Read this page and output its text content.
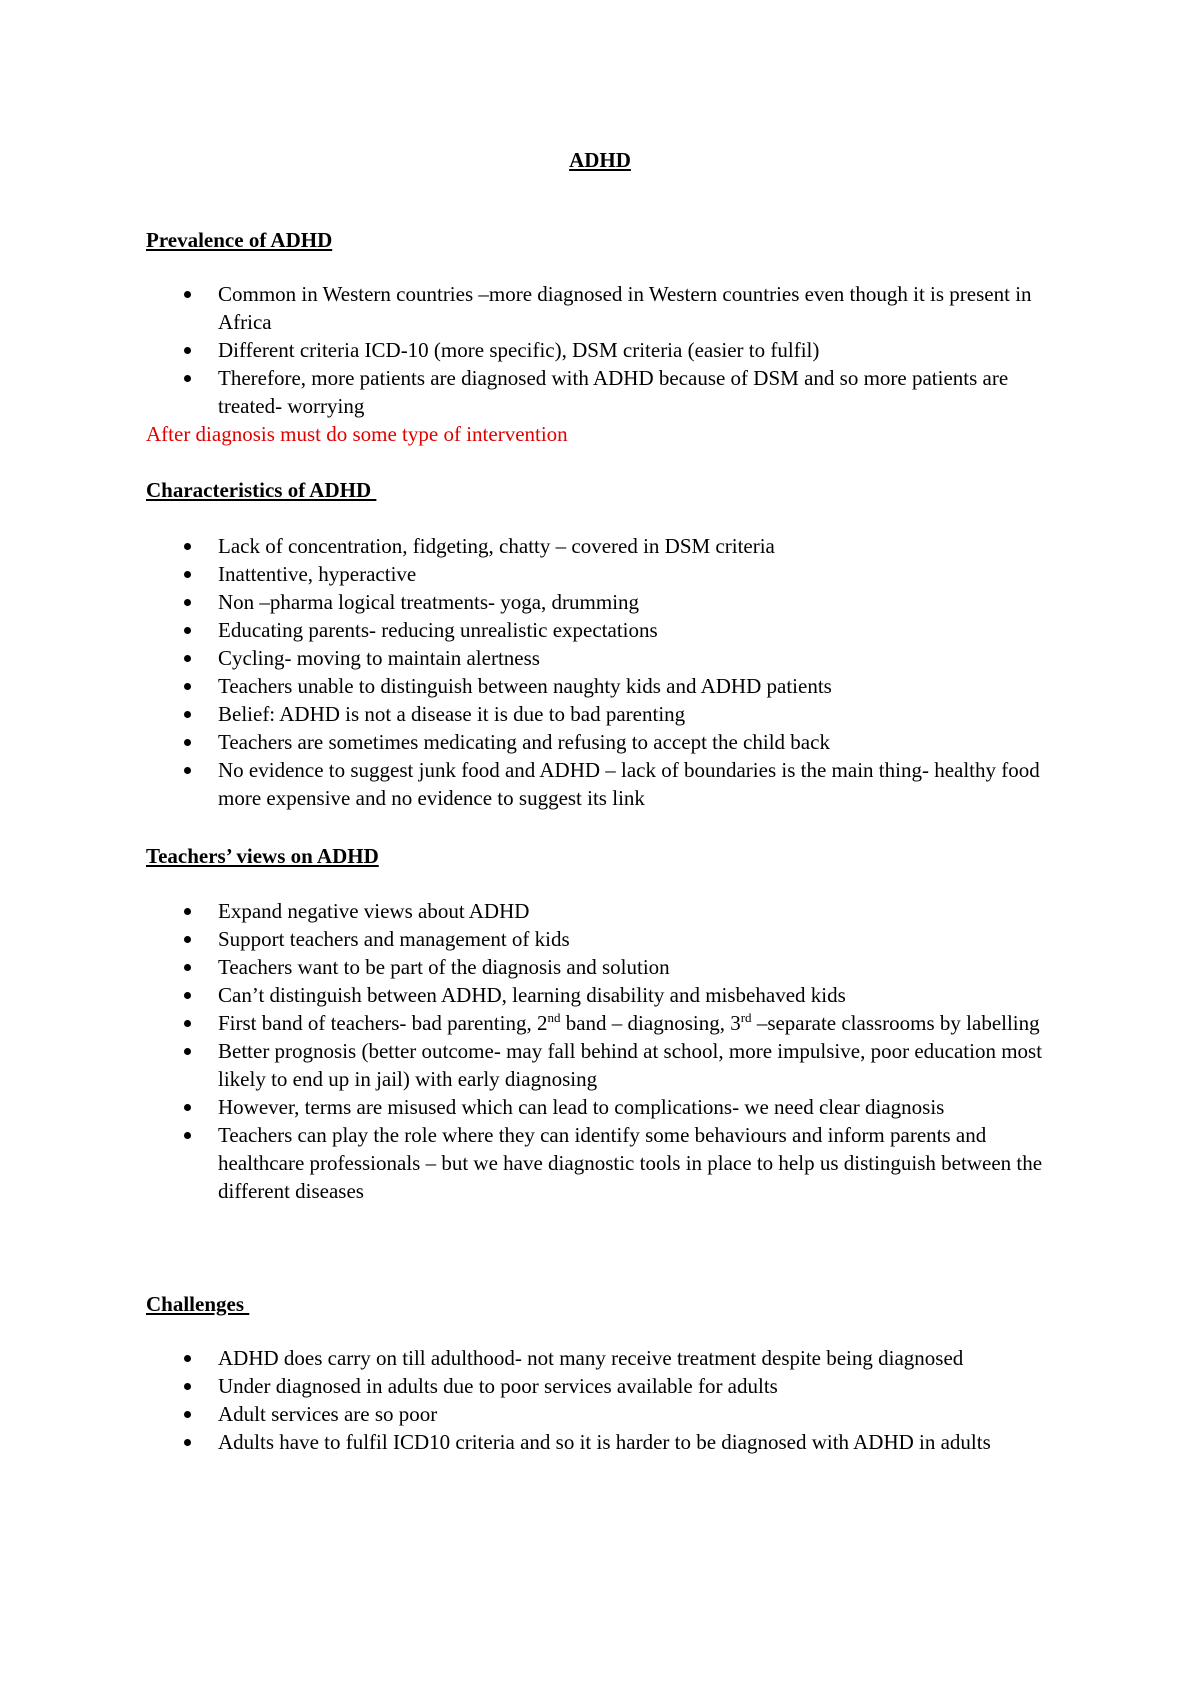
ADHD
Prevalence of ADHD
Common in Western countries –more diagnosed in Western countries even though it is present in Africa
Different criteria ICD-10 (more specific), DSM criteria (easier to fulfil)
Therefore, more patients are diagnosed with ADHD because of DSM and so more patients are treated- worrying
After diagnosis must do some type of intervention
Characteristics of ADHD
Lack of concentration, fidgeting, chatty – covered in DSM criteria
Inattentive, hyperactive
Non –pharma logical treatments- yoga, drumming
Educating parents- reducing unrealistic expectations
Cycling- moving to maintain alertness
Teachers unable to distinguish between naughty kids and ADHD patients
Belief: ADHD is not a disease it is due to bad parenting
Teachers are sometimes medicating and refusing to accept the child back
No evidence to suggest junk food and ADHD – lack of boundaries is the main thing- healthy food more expensive and no evidence to suggest its link
Teachers’ views on ADHD
Expand negative views about ADHD
Support teachers and management of kids
Teachers want to be part of the diagnosis and solution
Can’t distinguish between ADHD, learning disability and misbehaved kids
First band of teachers- bad parenting, 2nd band – diagnosing, 3rd –separate classrooms by labelling
Better prognosis (better outcome- may fall behind at school, more impulsive, poor education most likely to end up in jail) with early diagnosing
However, terms are misused which can lead to complications- we need clear diagnosis
Teachers can play the role where they can identify some behaviours and inform parents and healthcare professionals – but we have diagnostic tools in place to help us distinguish between the different diseases
Challenges
ADHD does carry on till adulthood- not many receive treatment despite being diagnosed
Under diagnosed in adults due to poor services available for adults
Adult services are so poor
Adults have to fulfil ICD10 criteria and so it is harder to be diagnosed with ADHD in adults
